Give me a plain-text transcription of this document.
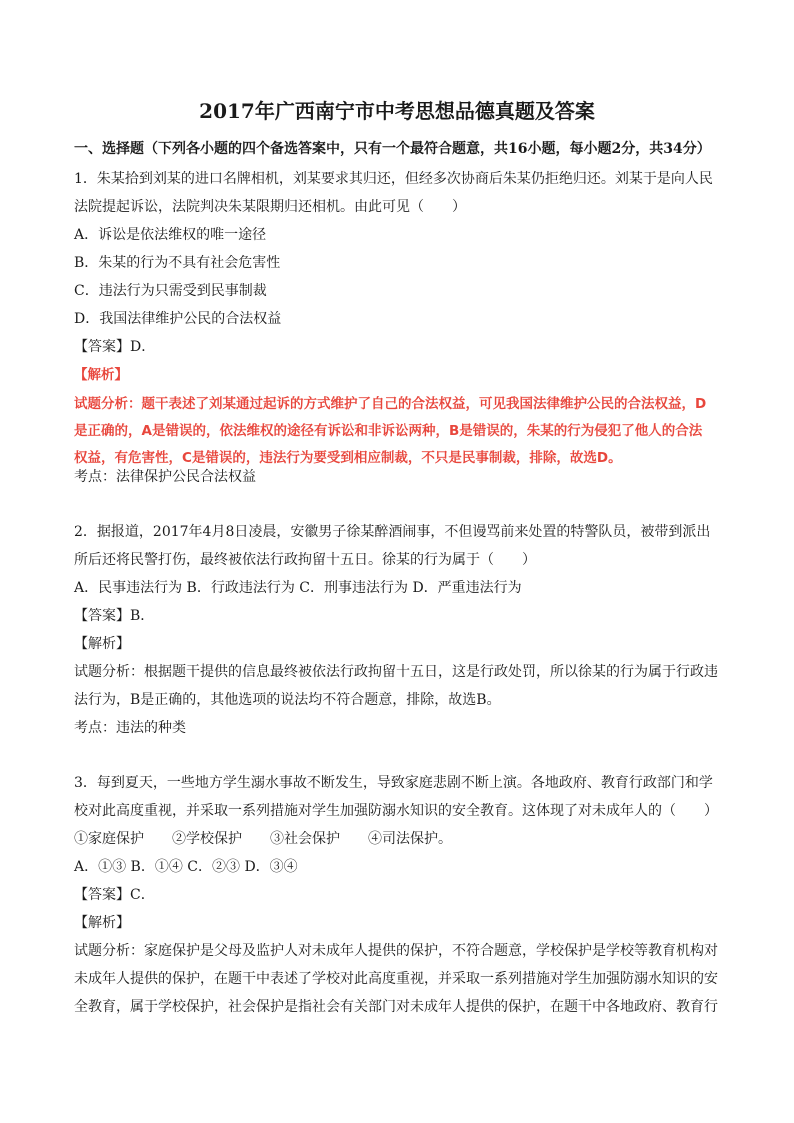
2017年广西南宁市中考思想品德真题及答案
一、选择题（下列各小题的四个备选答案中，只有一个最符合题意，共16小题，每小题2分，共34分）
1．朱某拾到刘某的进口名牌相机，刘某要求其归还，但经多次协商后朱某仍拒绝归还。刘某于是向人民
法院提起诉讼，法院判决朱某限期归还相机。由此可见（　　）
A．诉讼是依法维权的唯一途径
B．朱某的行为不具有社会危害性
C．违法行为只需受到民事制裁
D．我国法律维护公民的合法权益
【答案】D．
【解析】
试题分析：题干表述了刘某通过起诉的方式维护了自己的合法权益，可见我国法律维护公民的合法权益，D
是正确的，A是错误的，依法维权的途径有诉讼和非诉讼两种，B是错误的，朱某的行为侵犯了他人的合法
权益，有危害性，C是错误的，违法行为要受到相应制裁，不只是民事制裁，排除，故选D。
考点：法律保护公民合法权益
2．据报道，2017年4月8日凌晨，安徽男子徐某醉酒闹事，不但谩骂前来处置的特警队员，被带到派出
所后还将民警打伤，最终被依法行政拘留十五日。徐某的行为属于（　　）
A．民事违法行为 B．行政违法行为 C．刑事违法行为 D．严重违法行为
【答案】B．
【解析】
试题分析：根据题干提供的信息最终被依法行政拘留十五日，这是行政处罚，所以徐某的行为属于行政违
法行为，B是正确的，其他选项的说法均不符合题意，排除，故选B。
考点：违法的种类
3．每到夏天，一些地方学生溺水事故不断发生，导致家庭悲剧不断上演。各地政府、教育行政部门和学
校对此高度重视，并采取一系列措施对学生加强防溺水知识的安全教育。这体现了对未成年人的（　　）
①家庭保护　　②学校保护　　③社会保护　　④司法保护。
A．①③ B．①④ C．②③ D．③④
【答案】C．
【解析】
试题分析：家庭保护是父母及监护人对未成年人提供的保护，不符合题意，学校保护是学校等教育机构对
未成年人提供的保护，在题干中表述了学校对此高度重视，并采取一系列措施对学生加强防溺水知识的安
全教育，属于学校保护，社会保护是指社会有关部门对未成年人提供的保护，在题干中各地政府、教育行
